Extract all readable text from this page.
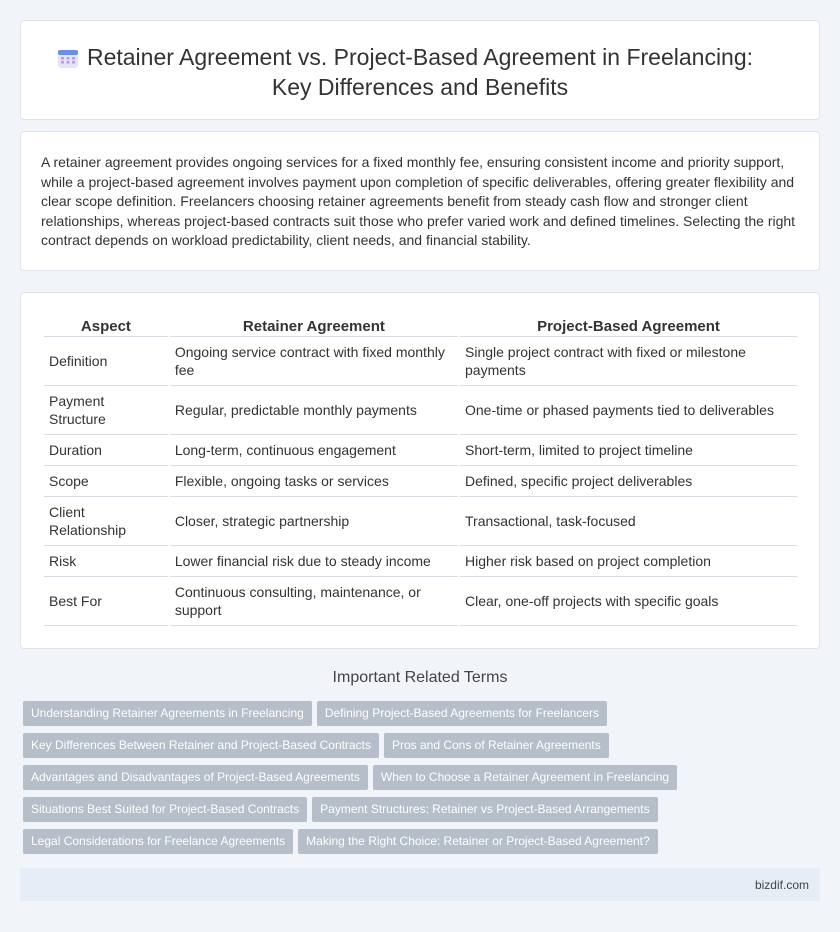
Retainer Agreement vs. Project-Based Agreement in Freelancing:
Key Differences and Benefits

A retainer agreement provides ongoing services for a fixed monthly fee, ensuring consistent income and priority support, while a project-based agreement involves payment upon completion of specific deliverables, offering greater flexibility and clear scope definition. Freelancers choosing retainer agreements benefit from steady cash flow and stronger client relationships, whereas project-based contracts suit those who prefer varied work and defined timelines. Selecting the right contract depends on workload predictability, client needs, and financial stability.

Aspect	Retainer Agreement	Project-Based Agreement
Definition	Ongoing service contract with fixed monthly fee	Single project contract with fixed or milestone payments
Payment Structure	Regular, predictable monthly payments	One-time or phased payments tied to deliverables
Duration	Long-term, continuous engagement	Short-term, limited to project timeline
Scope	Flexible, ongoing tasks or services	Defined, specific project deliverables
Client Relationship	Closer, strategic partnership	Transactional, task-focused
Risk	Lower financial risk due to steady income	Higher risk based on project completion
Best For	Continuous consulting, maintenance, or support	Clear, one-off projects with specific goals
Important Related Terms
Understanding Retainer Agreements in Freelancing Defining Project-Based Agreements for Freelancers
Key Differences Between Retainer and Project-Based Contracts Pros and Cons of Retainer Agreements
Advantages and Disadvantages of Project-Based Agreements When to Choose a Retainer Agreement in Freelancing
Situations Best Suited for Project-Based Contracts Payment Structures: Retainer vs Project-Based Arrangements
Legal Considerations for Freelance Agreements Making the Right Choice: Retainer or Project-Based Agreement?
bizdif.com
